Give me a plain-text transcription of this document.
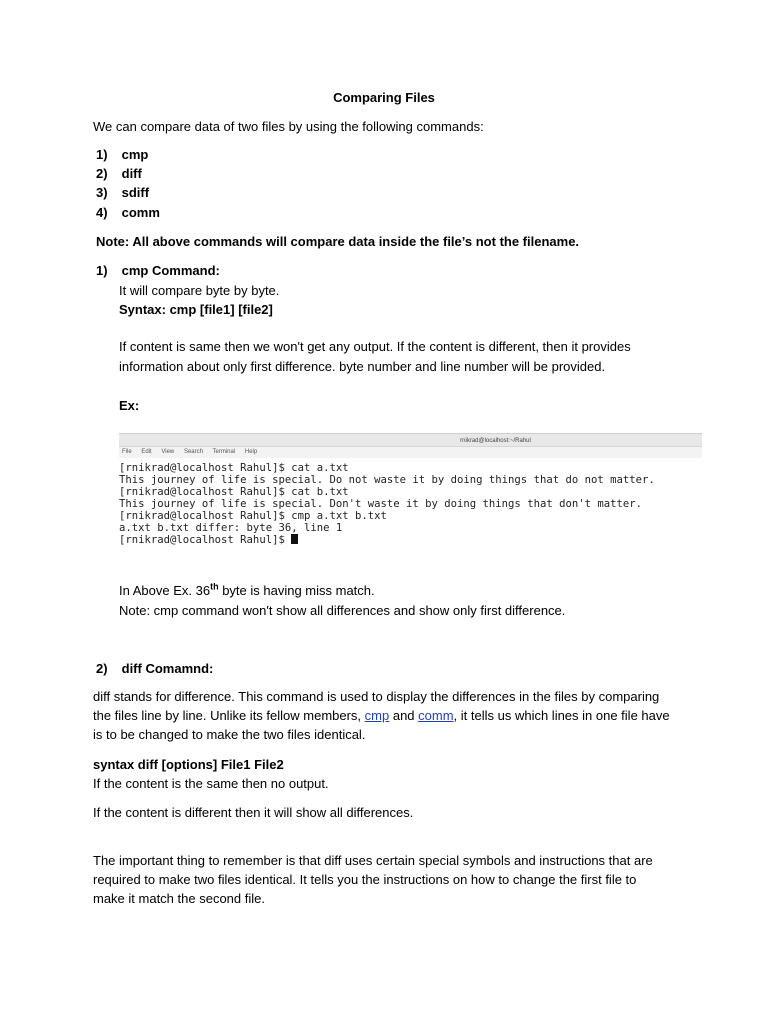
Comparing Files
We can compare data of two files by using the following commands:
1) cmp
2) diff
3) sdiff
4) comm
Note: All above commands will compare data inside the file’s not the filename.
1) cmp Command:
It will compare byte by byte.
Syntax: cmp [file1] [file2]
If content is same then we won't get any output. If the content is different, then it provides information about only first difference. byte number and line number will be provided.
Ex:
rnikrad@localhost:~/Rahul
File Edit View Search Terminal Help
[rnikrad@localhost Rahul]$ cat a.txt
This journey of life is special. Do not waste it by doing things that do not matter.
[rnikrad@localhost Rahul]$ cat b.txt
This journey of life is special. Don't waste it by doing things that don't matter.
[rnikrad@localhost Rahul]$ cmp a.txt b.txt
a.txt b.txt differ: byte 36, line 1
[rnikrad@localhost Rahul]$
In Above Ex. 36th byte is having miss match.
Note: cmp command won't show all differences and show only first difference.
2) diff Comamnd:
diff stands for difference. This command is used to display the differences in the files by comparing the files line by line. Unlike its fellow members, cmp and comm, it tells us which lines in one file have is to be changed to make the two files identical.
syntax diff [options] File1 File2
If the content is the same then no output.
If the content is different then it will show all differences.
The important thing to remember is that diff uses certain special symbols and instructions that are required to make two files identical. It tells you the instructions on how to change the first file to make it match the second file.
